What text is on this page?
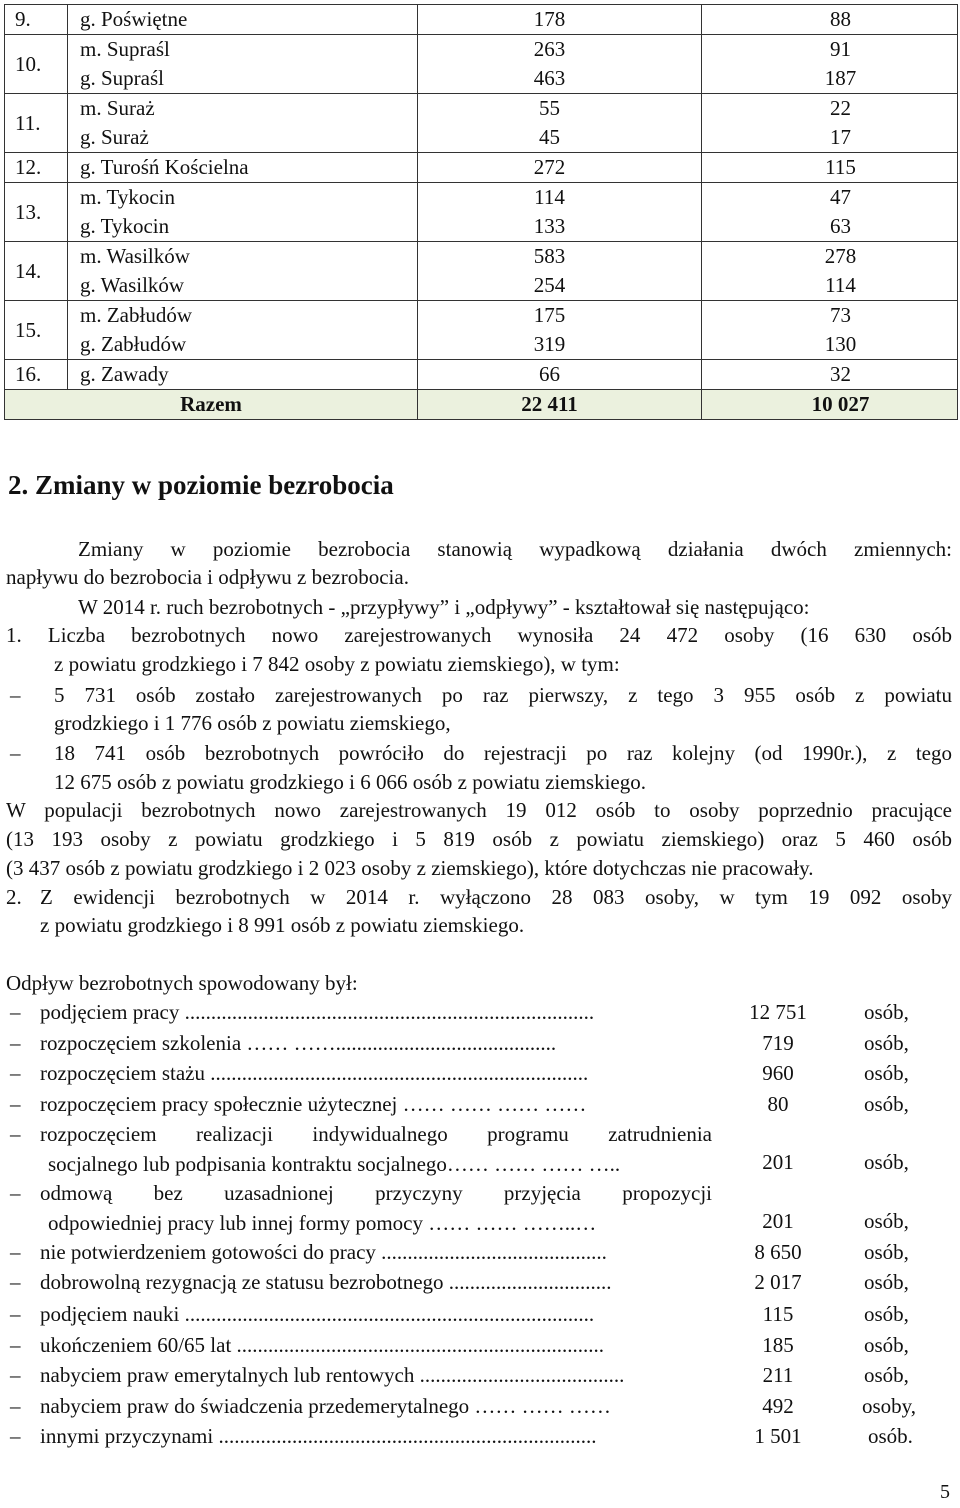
9.	g. Poświętne	178	88
10.	m. Supraśl	263	91
	g. Supraśl	463	187
11.	m. Suraż	55	22
	g. Suraż	45	17
12.	g. Turośń Kościelna	272	115
13.	m. Tykocin	114	47
	g. Tykocin	133	63
14.	m. Wasilków	583	278
	g. Wasilków	254	114
15.	m. Zabłudów	175	73
	g. Zabłudów	319	130
16.	g. Zawady	66	32
Razem		22 411	10 027
2. Zmiany w poziomie bezrobocia
Zmiany w poziomie bezrobocia stanowią wypadkową działania dwóch zmiennych:
napływu do bezrobocia i odpływu z bezrobocia.
W 2014 r. ruch bezrobotnych - „przypływy” i „odpływy” - kształtował się następująco:
1. Liczba bezrobotnych nowo zarejestrowanych wynosiła 24 472 osoby (16 630 osób
z powiatu grodzkiego i 7 842 osoby z powiatu ziemskiego), w tym:
– 5 731 osób zostało zarejestrowanych po raz pierwszy, z tego 3 955 osób z powiatu
grodzkiego i 1 776 osób z powiatu ziemskiego,
– 18 741 osób bezrobotnych powróciło do rejestracji po raz kolejny (od 1990r.), z tego
12 675 osób z powiatu grodzkiego i 6 066 osób z powiatu ziemskiego.
W populacji bezrobotnych nowo zarejestrowanych 19 012 osób to osoby poprzednio pracujące
(13 193 osoby z powiatu grodzkiego i 5 819 osób z powiatu ziemskiego) oraz 5 460 osób
(3 437 osób z powiatu grodzkiego i 2 023 osoby z ziemskiego), które dotychczas nie pracowały.
2. Z ewidencji bezrobotnych w 2014 r. wyłączono 28 083 osoby, w tym 19 092 osoby
z powiatu grodzkiego i 8 991 osób z powiatu ziemskiego.
Odpływ bezrobotnych spowodowany był:
– podjęciem pracy ..............................................................................	12 751	osób,
– rozpoczęciem szkolenia …… ……..........................................	719	osób,
– rozpoczęciem stażu ........................................................................	960	osób,
– rozpoczęciem pracy społecznie użytecznej …… …… …… ……	80	osób,
– rozpoczęciem realizacji indywidualnego programu zatrudnienia
socjalnego lub podpisania kontraktu socjalnego…… …… …… …..	201	osób,
– odmową bez uzasadnionej przyczyny przyjęcia propozycji
odpowiedniej pracy lub innej formy pomocy …… …… ……..…	201	osób,
– nie potwierdzeniem gotowości do pracy ...........................................	8 650	osób,
– dobrowolną rezygnacją ze statusu bezrobotnego ...............................	2 017	osób,
– podjęciem nauki ..............................................................................	115	osób,
– ukończeniem 60/65 lat ......................................................................	185	osób,
– nabyciem praw emerytalnych lub rentowych .......................................	211	osób,
– nabyciem praw do świadczenia przedemerytalnego …… …… ……	492	osoby,
– innymi przyczynami ........................................................................	1 501	osób.
5
